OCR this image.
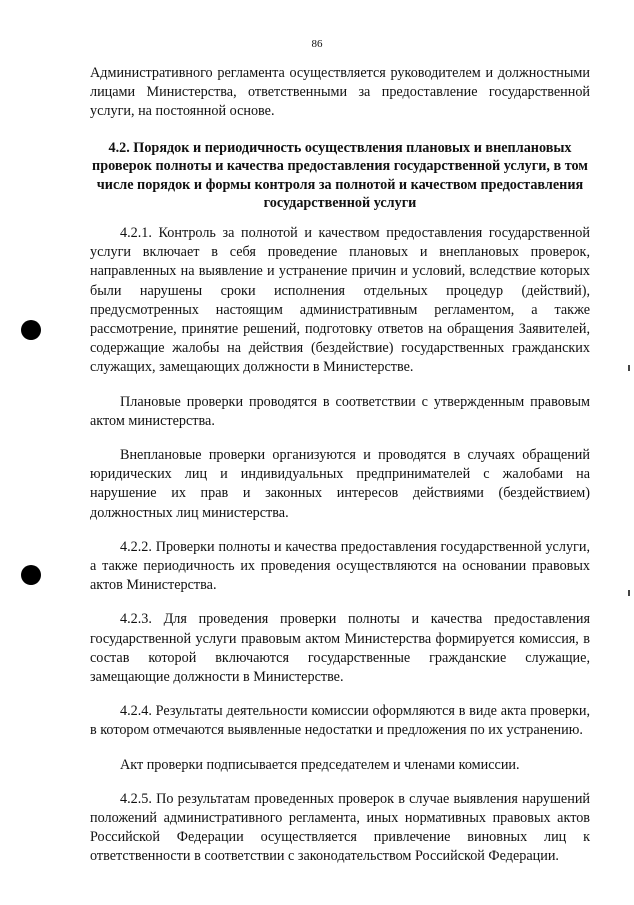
86

Административного регламента осуществляется руководителем и должностными лицами Министерства, ответственными за предоставление государственной услуги, на постоянной основе.

4.2. Порядок и периодичность осуществления плановых и внеплановых проверок полноты и качества предоставления государственной услуги, в том числе порядок и формы контроля за полнотой и качеством предоставления государственной услуги

4.2.1. Контроль за полнотой и качеством предоставления государственной услуги включает в себя проведение плановых и внеплановых проверок, направленных на выявление и устранение причин и условий, вследствие которых были нарушены сроки исполнения отдельных процедур (действий), предусмотренных настоящим административным регламентом, а также рассмотрение, принятие решений, подготовку ответов на обращения Заявителей, содержащие жалобы на действия (бездействие) государственных гражданских служащих, замещающих должности в Министерстве.

Плановые проверки проводятся в соответствии с утвержденным правовым актом министерства.

Внеплановые проверки организуются и проводятся в случаях обращений юридических лиц и индивидуальных предпринимателей с жалобами на нарушение их прав и законных интересов действиями (бездействием) должностных лиц министерства.

4.2.2. Проверки полноты и качества предоставления государственной услуги, а также периодичность их проведения осуществляются на основании правовых актов Министерства.

4.2.3. Для проведения проверки полноты и качества предоставления государственной услуги правовым актом Министерства формируется комиссия, в состав которой включаются государственные гражданские служащие, замещающие должности в Министерстве.

4.2.4. Результаты деятельности комиссии оформляются в виде акта проверки, в котором отмечаются выявленные недостатки и предложения по их устранению.

Акт проверки подписывается председателем и членами комиссии.

4.2.5. По результатам проведенных проверок в случае выявления нарушений положений административного регламента, иных нормативных правовых актов Российской Федерации осуществляется привлечение виновных лиц к ответственности в соответствии с законодательством Российской Федерации.
